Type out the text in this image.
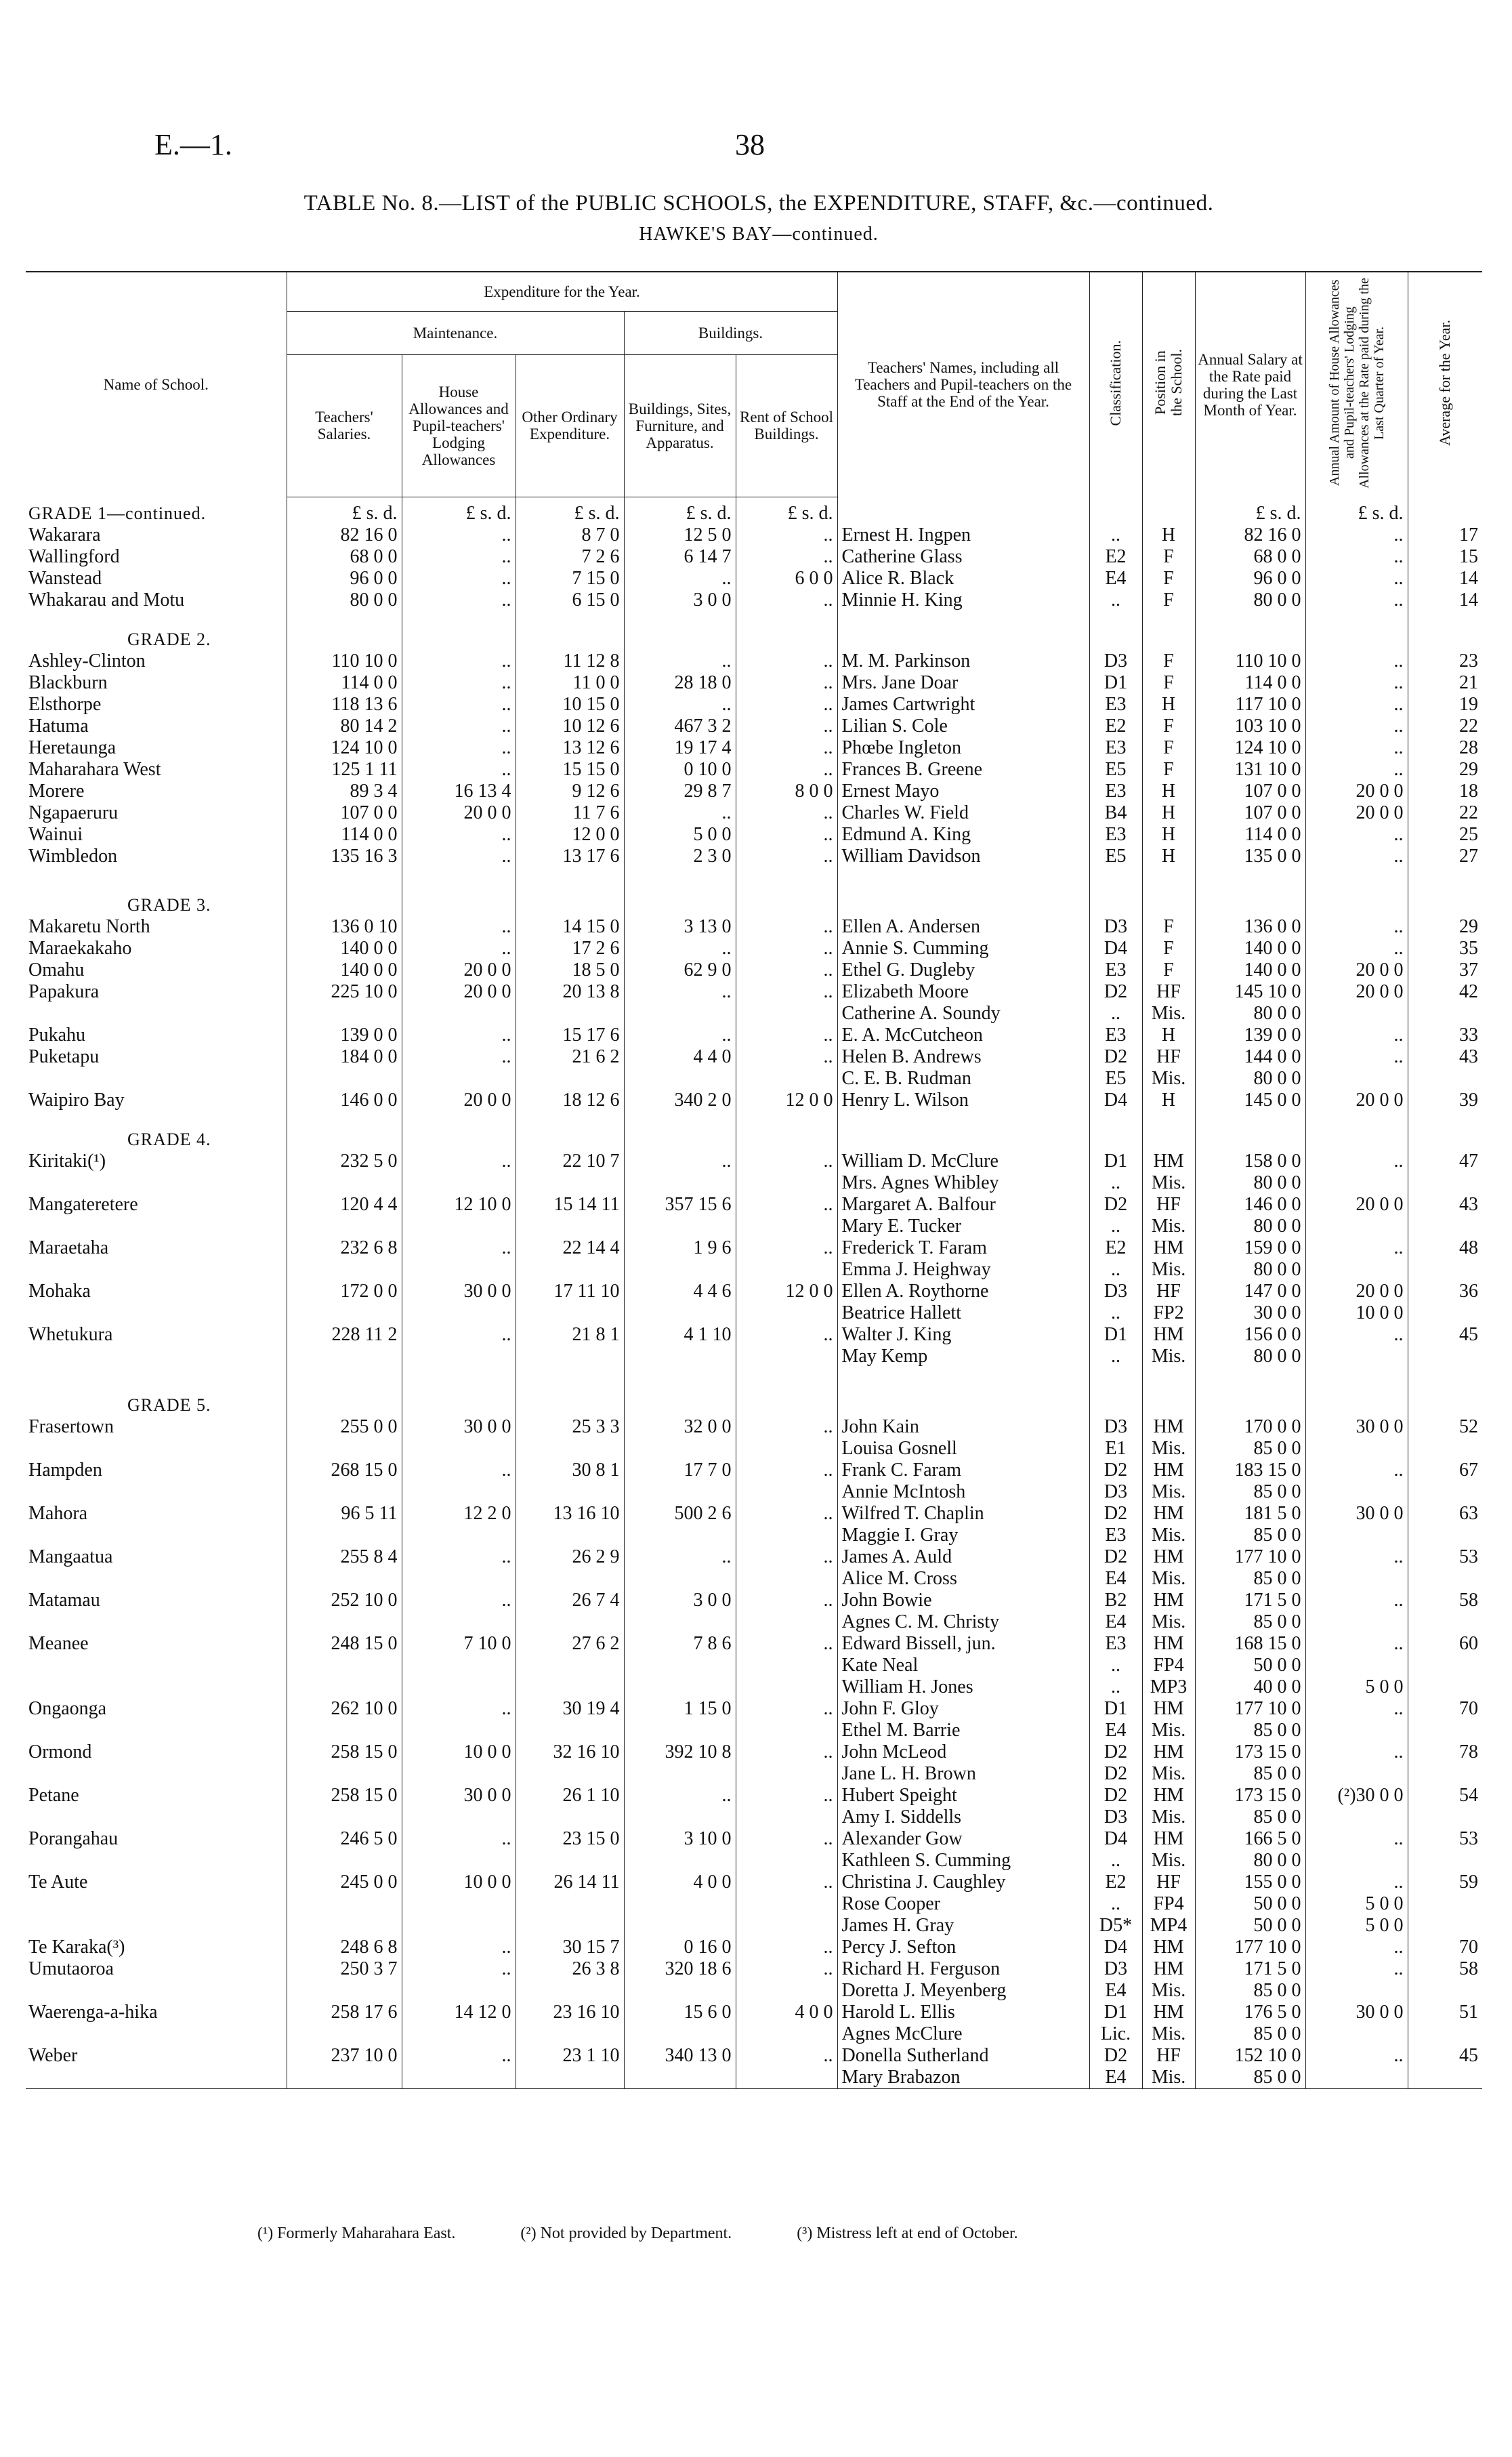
E.—1.	38
TABLE No. 8.—LIST of the PUBLIC SCHOOLS, the EXPENDITURE, STAFF, &c.—continued.
HAWKE'S BAY—continued.
Name of School.	Expenditure for the Year.					Teachers' Names, including all Teachers and Pupil-teachers on the Staff at the End of the Year.	Classification.	Position in the School.	Annual Salary at the Rate paid during the Last Month of Year.	Annual Amount of House Allowances and Pupil-teachers' Lodging Allowances at the Rate paid during the Last Quarter of Year.	Average for the Year.
	Maintenance.			Buildings.							
	Teachers' Salaries.	House Allowances and Pupil-teachers' Lodging Allowances	Other Ordinary Expenditure.	Buildings, Sites, Furniture, and Apparatus.	Rent of School Buildings.						
GRADE 1—continued.	£ s. d.	£ s. d.	£ s. d.	£ s. d.	£ s. d.				£ s. d.	£ s. d.	
Wakarara	82 16 0	..	8 7 0	12 5 0	..	Ernest H. Ingpen	..	H	82 16 0	..	17
Wallingford	68 0 0	..	7 2 6	6 14 7	..	Catherine Glass	E2	F	68 0 0	..	15
Wanstead	96 0 0	..	7 15 0	..	6 0 0	Alice R. Black	E4	F	96 0 0	..	14
Whakarau and Motu	80 0 0	..	6 15 0	3 0 0	..	Minnie H. King	..	F	80 0 0	..	14
GRADE 2.											
Ashley-Clinton	110 10 0	..	11 12 8	..	..	M. M. Parkinson	D3	F	110 10 0	..	23
Blackburn	114 0 0	..	11 0 0	28 18 0	..	Mrs. Jane Doar	D1	F	114 0 0	..	21
Elsthorpe	118 13 6	..	10 15 0	..	..	James Cartwright	E3	H	117 10 0	..	19
Hatuma	80 14 2	..	10 12 6	467 3 2	..	Lilian S. Cole	E2	F	103 10 0	..	22
Heretaunga	124 10 0	..	13 12 6	19 17 4	..	Phœbe Ingleton	E3	F	124 10 0	..	28
Maharahara West	125 1 11	..	15 15 0	0 10 0	..	Frances B. Greene	E5	F	131 10 0	..	29
Morere	89 3 4	16 13 4	9 12 6	29 8 7	8 0 0	Ernest Mayo	E3	H	107 0 0	20 0 0	18
Ngapaeruru	107 0 0	20 0 0	11 7 6	..	..	Charles W. Field	B4	H	107 0 0	20 0 0	22
Wainui	114 0 0	..	12 0 0	5 0 0	..	Edmund A. King	E3	H	114 0 0	..	25
Wimbledon	135 16 3	..	13 17 6	2 3 0	..	William Davidson	E5	H	135 0 0	..	27

GRADE 3.											
Makaretu North	136 0 10	..	14 15 0	3 13 0	..	Ellen A. Andersen	D3	F	136 0 0	..	29
Maraekakaho	140 0 0	..	17 2 6	..	..	Annie S. Cumming	D4	F	140 0 0	..	35
Omahu	140 0 0	20 0 0	18 5 0	62 9 0	..	Ethel G. Dugleby	E3	F	140 0 0	20 0 0	37
Papakura	225 10 0	20 0 0	20 13 8	..	..	Elizabeth Moore	D2	HF	145 10 0	20 0 0	42
						Catherine A. Soundy	..	Mis.	80 0 0		
Pukahu	139 0 0	..	15 17 6	..	..	E. A. McCutcheon	E3	H	139 0 0	..	33
Puketapu	184 0 0	..	21 6 2	4 4 0	..	Helen B. Andrews	D2	HF	144 0 0	..	43
						C. E. B. Rudman	E5	Mis.	80 0 0		
Waipiro Bay	146 0 0	20 0 0	18 12 6	340 2 0	12 0 0	Henry L. Wilson	D4	H	145 0 0	20 0 0	39
GRADE 4.											
Kiritaki(¹)	232 5 0	..	22 10 7	..	..	William D. McClure	D1	HM	158 0 0	..	47
						Mrs. Agnes Whibley	..	Mis.	80 0 0		
Mangateretere	120 4 4	12 10 0	15 14 11	357 15 6	..	Margaret A. Balfour	D2	HF	146 0 0	20 0 0	43
						Mary E. Tucker	..	Mis.	80 0 0		
Maraetaha	232 6 8	..	22 14 4	1 9 6	..	Frederick T. Faram	E2	HM	159 0 0	..	48
						Emma J. Heighway	..	Mis.	80 0 0		
Mohaka	172 0 0	30 0 0	17 11 10	4 4 6	12 0 0	Ellen A. Roythorne	D3	HF	147 0 0	20 0 0	36
						Beatrice Hallett	..	FP2	30 0 0	10 0 0	
Whetukura	228 11 2	..	21 8 1	4 1 10	..	Walter J. King	D1	HM	156 0 0	..	45
						May Kemp	..	Mis.	80 0 0		

GRADE 5.											
Frasertown	255 0 0	30 0 0	25 3 3	32 0 0	..	John Kain	D3	HM	170 0 0	30 0 0	52
						Louisa Gosnell	E1	Mis.	85 0 0		
Hampden	268 15 0	..	30 8 1	17 7 0	..	Frank C. Faram	D2	HM	183 15 0	..	67
						Annie McIntosh	D3	Mis.	85 0 0		
Mahora	96 5 11	12 2 0	13 16 10	500 2 6	..	Wilfred T. Chaplin	D2	HM	181 5 0	30 0 0	63
						Maggie I. Gray	E3	Mis.	85 0 0		
Mangaatua	255 8 4	..	26 2 9	..	..	James A. Auld	D2	HM	177 10 0	..	53
						Alice M. Cross	E4	Mis.	85 0 0		
Matamau	252 10 0	..	26 7 4	3 0 0	..	John Bowie	B2	HM	171 5 0	..	58
						Agnes C. M. Christy	E4	Mis.	85 0 0		
Meanee	248 15 0	7 10 0	27 6 2	7 8 6	..	Edward Bissell, jun.	E3	HM	168 15 0	..	60
						Kate Neal	..	FP4	50 0 0		
						William H. Jones	..	MP3	40 0 0	5 0 0	
Ongaonga	262 10 0	..	30 19 4	1 15 0	..	John F. Gloy	D1	HM	177 10 0	..	70
						Ethel M. Barrie	E4	Mis.	85 0 0		
Ormond	258 15 0	10 0 0	32 16 10	392 10 8	..	John McLeod	D2	HM	173 15 0	..	78
						Jane L. H. Brown	D2	Mis.	85 0 0		
Petane	258 15 0	30 0 0	26 1 10	..	..	Hubert Speight	D2	HM	173 15 0	(²)30 0 0	54
						Amy I. Siddells	D3	Mis.	85 0 0		
Porangahau	246 5 0	..	23 15 0	3 10 0	..	Alexander Gow	D4	HM	166 5 0	..	53
						Kathleen S. Cumming	..	Mis.	80 0 0		
Te Aute	245 0 0	10 0 0	26 14 11	4 0 0	..	Christina J. Caughley	E2	HF	155 0 0	..	59
						Rose Cooper	..	FP4	50 0 0	5 0 0	
						James H. Gray	D5*	MP4	50 0 0	5 0 0	
Te Karaka(³)	248 6 8	..	30 15 7	0 16 0	..	Percy J. Sefton	D4	HM	177 10 0	..	70
Umutaoroa	250 3 7	..	26 3 8	320 18 6	..	Richard H. Ferguson	D3	HM	171 5 0	..	58
						Doretta J. Meyenberg	E4	Mis.	85 0 0		
Waerenga-a-hika	258 17 6	14 12 0	23 16 10	15 6 0	4 0 0	Harold L. Ellis	D1	HM	176 5 0	30 0 0	51
						Agnes McClure	Lic.	Mis.	85 0 0		
Weber	237 10 0	..	23 1 10	340 13 0	..	Donella Sutherland	D2	HF	152 10 0	..	45
						Mary Brabazon	E4	Mis.	85 0 0		
(¹) Formerly Maharahara East.	(²) Not provided by Department.	(³) Mistress left at end of October.
